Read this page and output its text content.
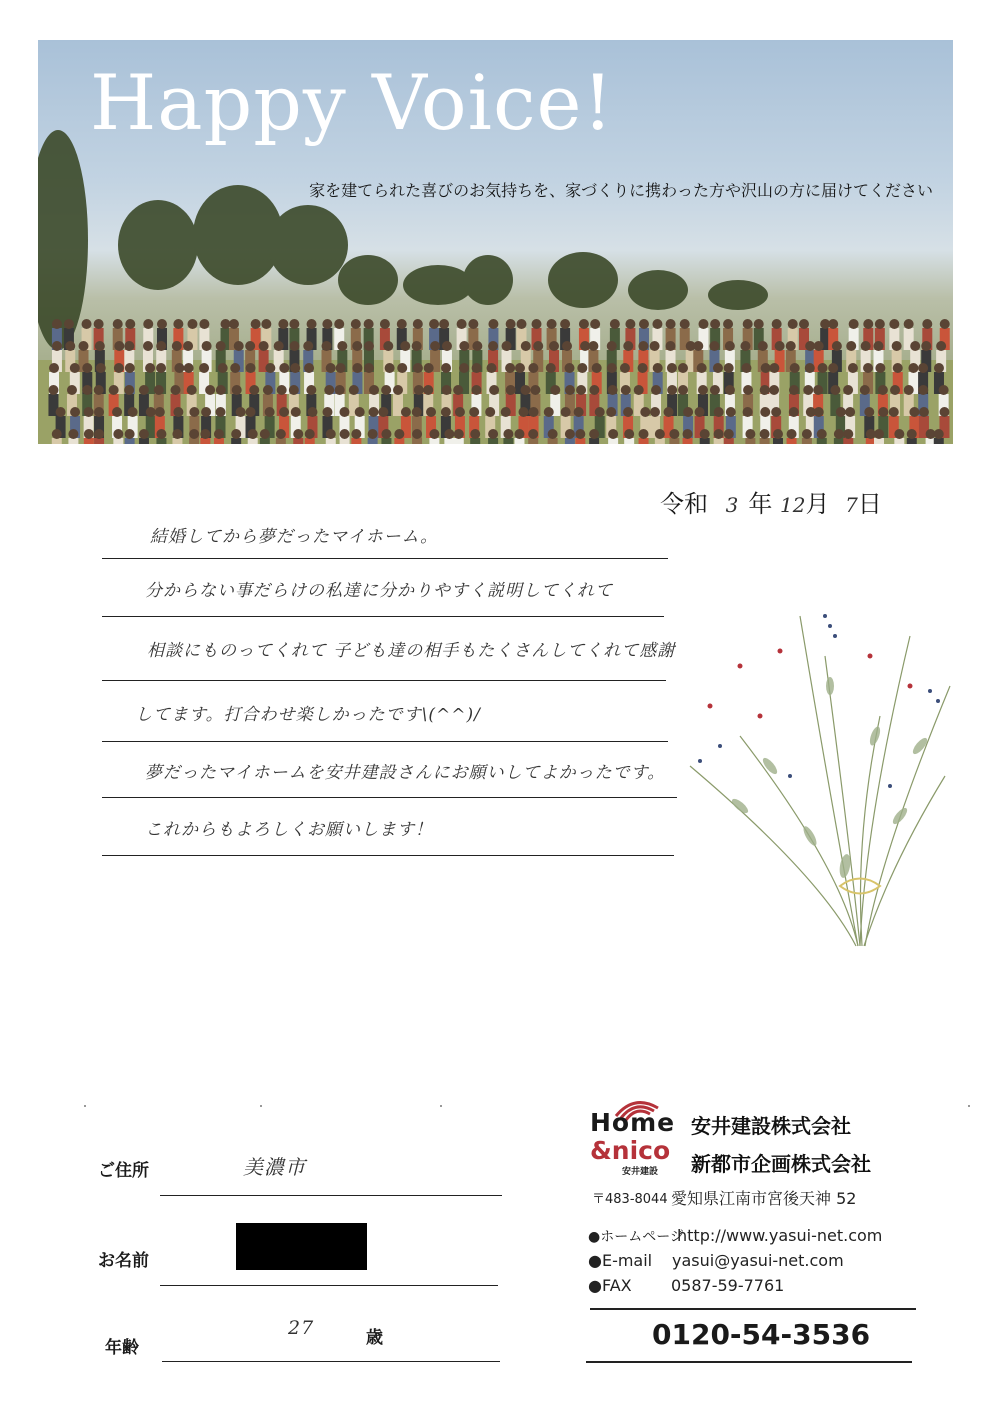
Happy Voice!
家を建てられた喜びのお気持ちを、家づくりに携わった方や沢山の方に届けてください
令和 3 年 12月 7日
結婚してから夢だったマイホーム。
分からない事だらけの私達に分かりやすく説明してくれて
相談にものってくれて 子ども達の相手もたくさんしてくれて感謝
してます。打合わせ楽しかったです\(^^)/
夢だったマイホームを安井建設さんにお願いしてよかったです。
これからもよろしくお願いします！
ご住所	美濃市
お名前
年齢
27	歳
Home
&nico
安井建設
安井建設株式会社
新都市企画株式会社
〒483-8044 愛知県江南市宮後天神 52
●ホームページ
http://www.yasui-net.com
●E-mail yasui@yasui-net.com
●FAX 0587-59-7761
0120-54-3536
